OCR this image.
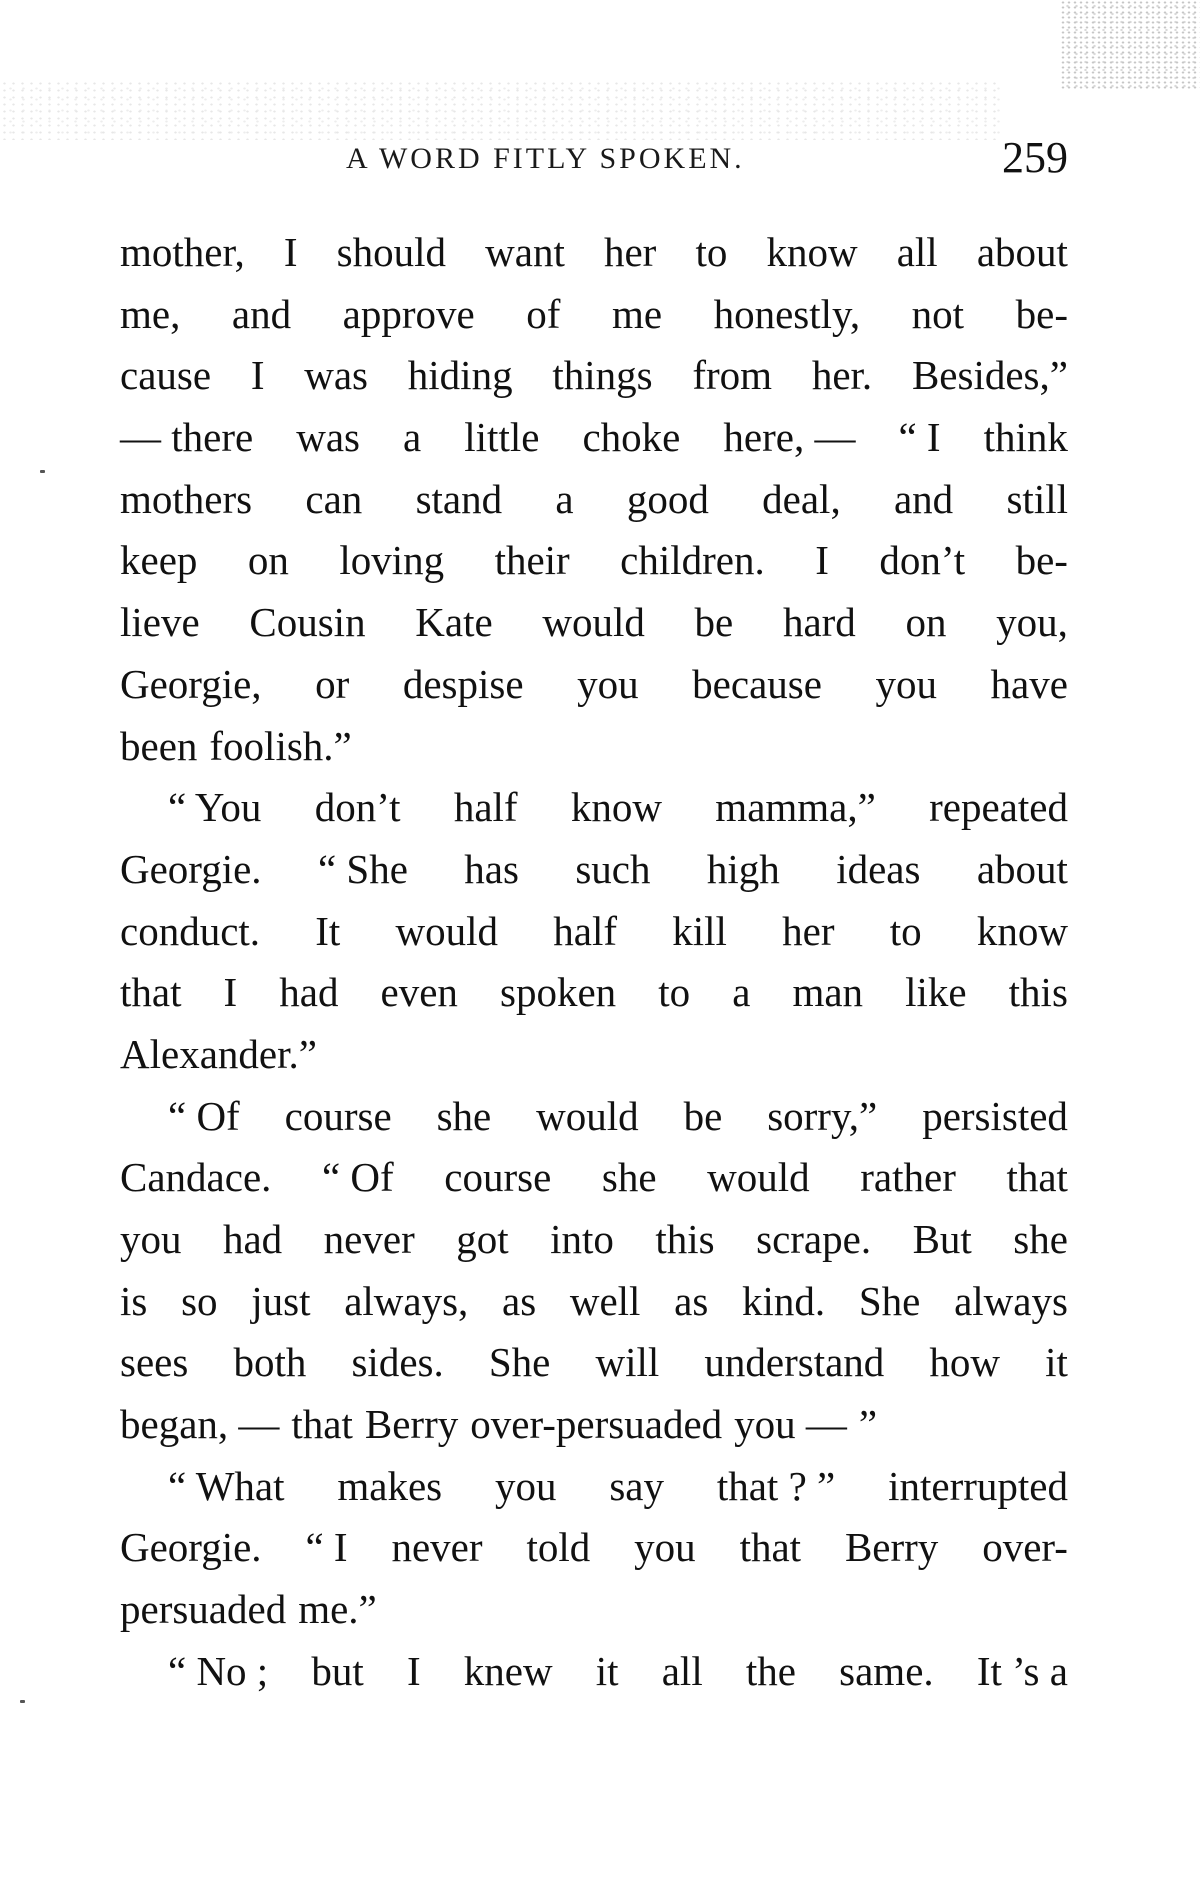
A WORD FITLY SPOKEN.	259
mother, I should want her to know all about
me, and approve of me honestly, not be-
cause I was hiding things from her. Besides,”
— there was a little choke here, — “ I think
mothers can stand a good deal, and still
keep on loving their children. I don’t be-
lieve Cousin Kate would be hard on you,
Georgie, or despise you because you have
been foolish.”
“ You don’t half know mamma,” repeated
Georgie. “ She has such high ideas about
conduct. It would half kill her to know
that I had even spoken to a man like this
Alexander.”
“ Of course she would be sorry,” persisted
Candace. “ Of course she would rather that
you had never got into this scrape. But she
is so just always, as well as kind. She always
sees both sides. She will understand how it
began, — that Berry over-persuaded you — ”
“ What makes you say that ? ” interrupted
Georgie. “ I never told you that Berry over-
persuaded me.”
“ No ; but I knew it all the same. It ’s a
